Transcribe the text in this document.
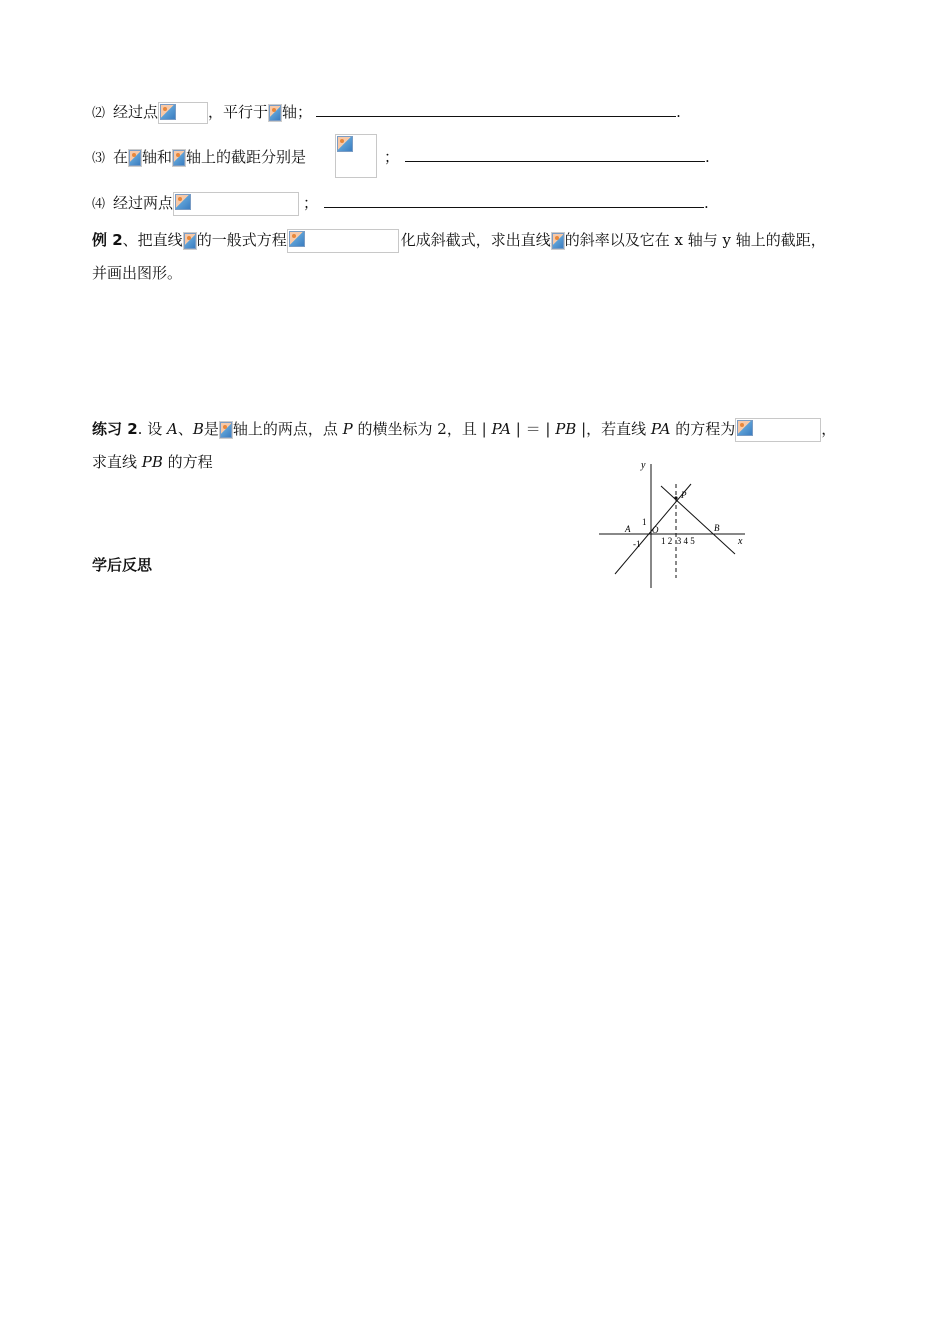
⑵ 经过点	，平行于 轴；	.
⑶ 在 轴和 轴上的截距分别是	；	.
⑷ 经过两点	；	.
例 2、把直线 的一般式方程	化成斜截式，求出直线 的斜率以及它在 x 轴与 y 轴上的截距，
并画出图形。
练习 2. 设 A、B是 轴上的两点，点 P 的横坐标为 2，且 | PA | ＝ | PB |，若直线 PA 的方程为	，
求直线 PB 的方程
学后反思
y
x
P
A	B
O
1
-1 1 2  3 4 5
